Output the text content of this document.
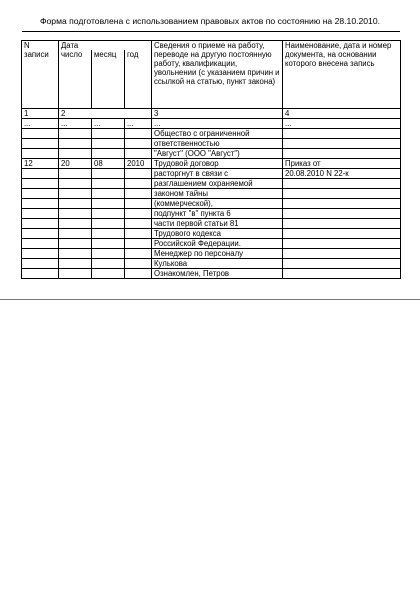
Форма подготовлена с использованием правовых актов по состоянию на 28.10.2010.
N записи	Дата			Сведения о приеме на работу, переводе на другую постоянную работу, квалификации, увольнении (с указанием причин и ссылкой на статью, пункт закона)	Наименование, дата и номер документа, на основании которого внесена запись
	число	месяц	год		
1	2			3	4
...	...	...	...	...	...
				Общество с ограниченной	
				ответственностью	
				"Август" (ООО "Август")	
12	20	08	2010	Трудовой договор	Приказ от
				расторгнут в связи с	20.08.2010 N 22-к
				разглашением охраняемой	
				законом тайны	
				(коммерческой),	
				подпункт "в" пункта 6	
				части первой статьи 81	
				Трудового кодекса	
				Российской Федерации.	
				Менеджер по персоналу	
				Кулькова	
				Ознакомлен, Петров	
